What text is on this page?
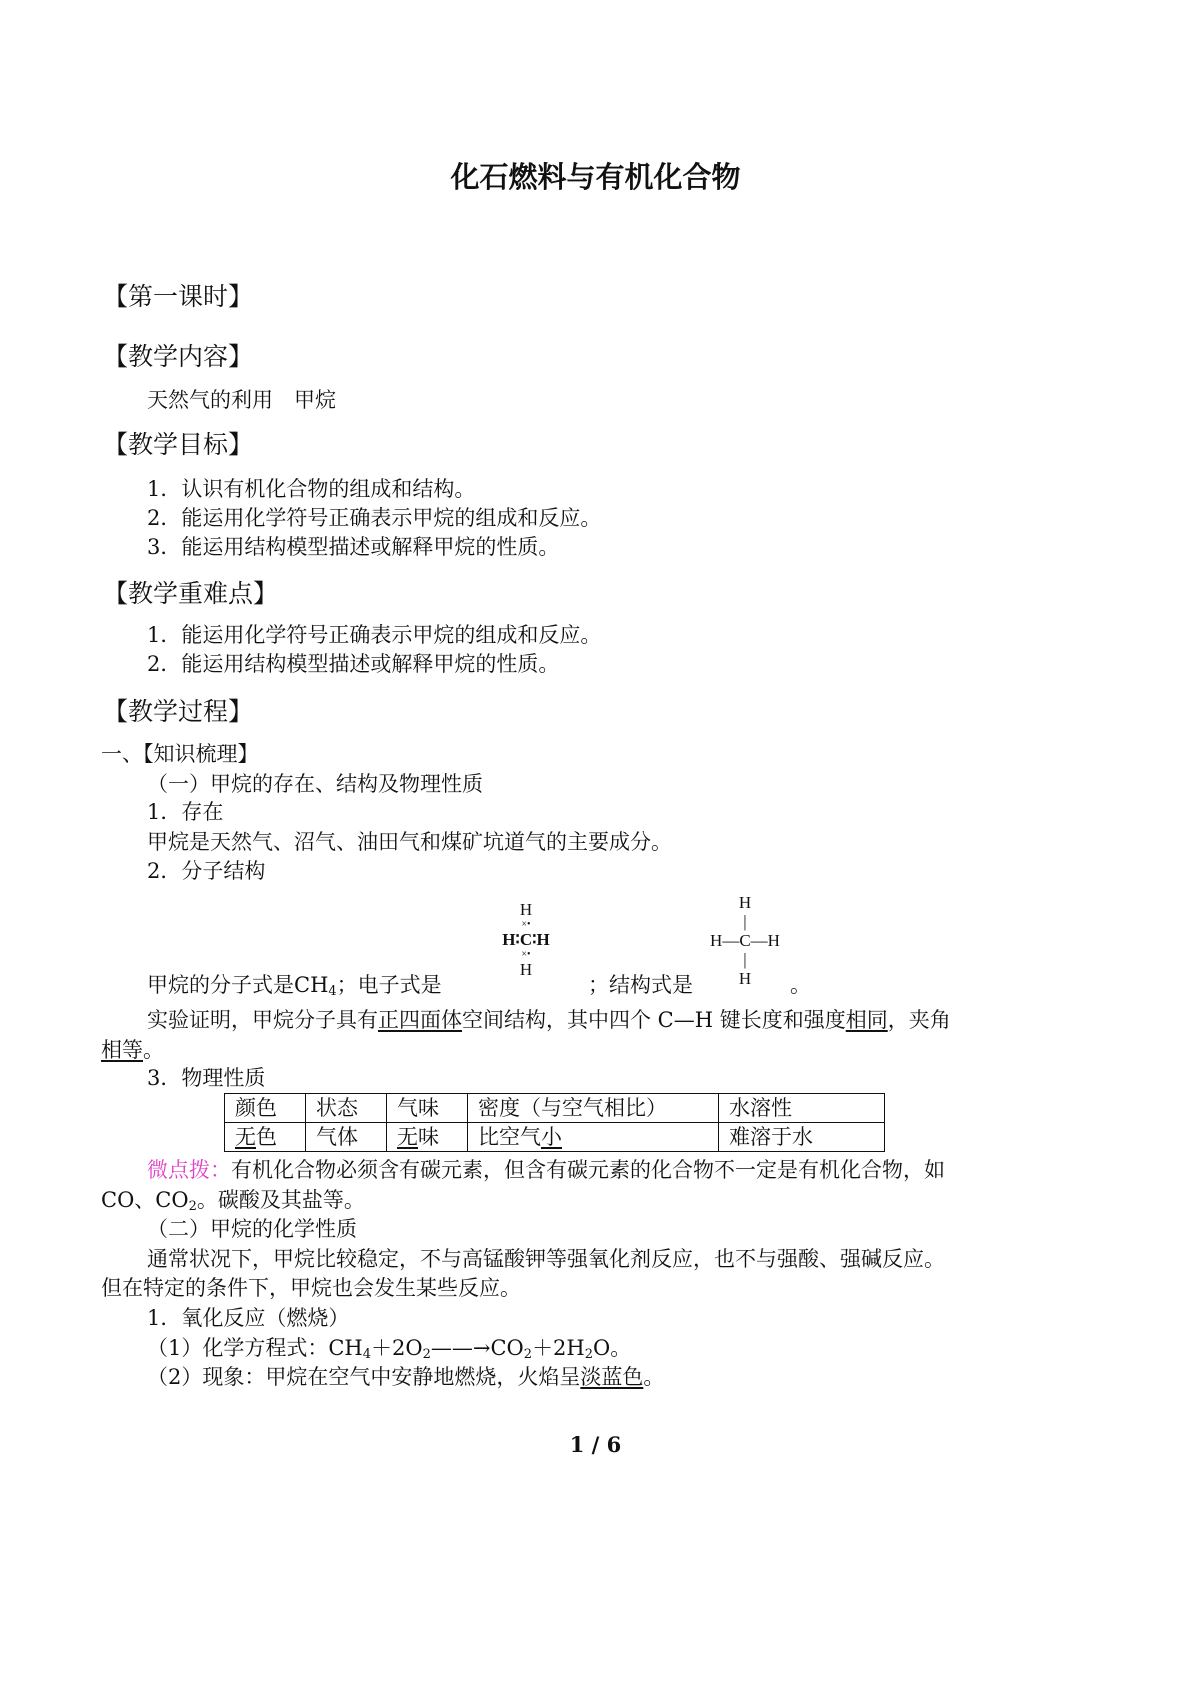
化石燃料与有机化合物
【第一课时】
【教学内容】
天然气的利用　甲烷
【教学目标】
1．认识有机化合物的组成和结构。
2．能运用化学符号正确表示甲烷的组成和反应。
3．能运用结构模型描述或解释甲烷的性质。
【教学重难点】
1．能运用化学符号正确表示甲烷的组成和反应。
2．能运用结构模型描述或解释甲烷的性质。
【教学过程】
一、【知识梳理】
（一）甲烷的存在、结构及物理性质
1．存在
甲烷是天然气、沼气、油田气和煤矿坑道气的主要成分。
2．分子结构
H
×•
H∶C∶H
×•
H
H
|
H—C—H
|
H
甲烷的分子式是$CH_4$；电子式是	；结构式是	。
实验证明，甲烷分子具有正四面体空间结构，其中四个 C—H 键长度和强度相同，夹角
相等。
3．物理性质
颜色	状态	气味	密度（与空气相比）	水溶性
无色	气体	无味	比空气小	难溶于水
微点拨：有机化合物必须含有碳元素，但含有碳元素的化合物不一定是有机化合物，如
CO、$CO_2$。碳酸及其盐等。
（二）甲烷的化学性质
通常状况下，甲烷比较稳定，不与高锰酸钾等强氧化剂反应，也不与强酸、强碱反应。
但在特定的条件下，甲烷也会发生某些反应。
1．氧化反应（燃烧）
（1）化学方程式：$CH_4+2O_2——\to CO_2+2H_2O$。
（2）现象：甲烷在空气中安静地燃烧，火焰呈淡蓝色。
1 / 6
